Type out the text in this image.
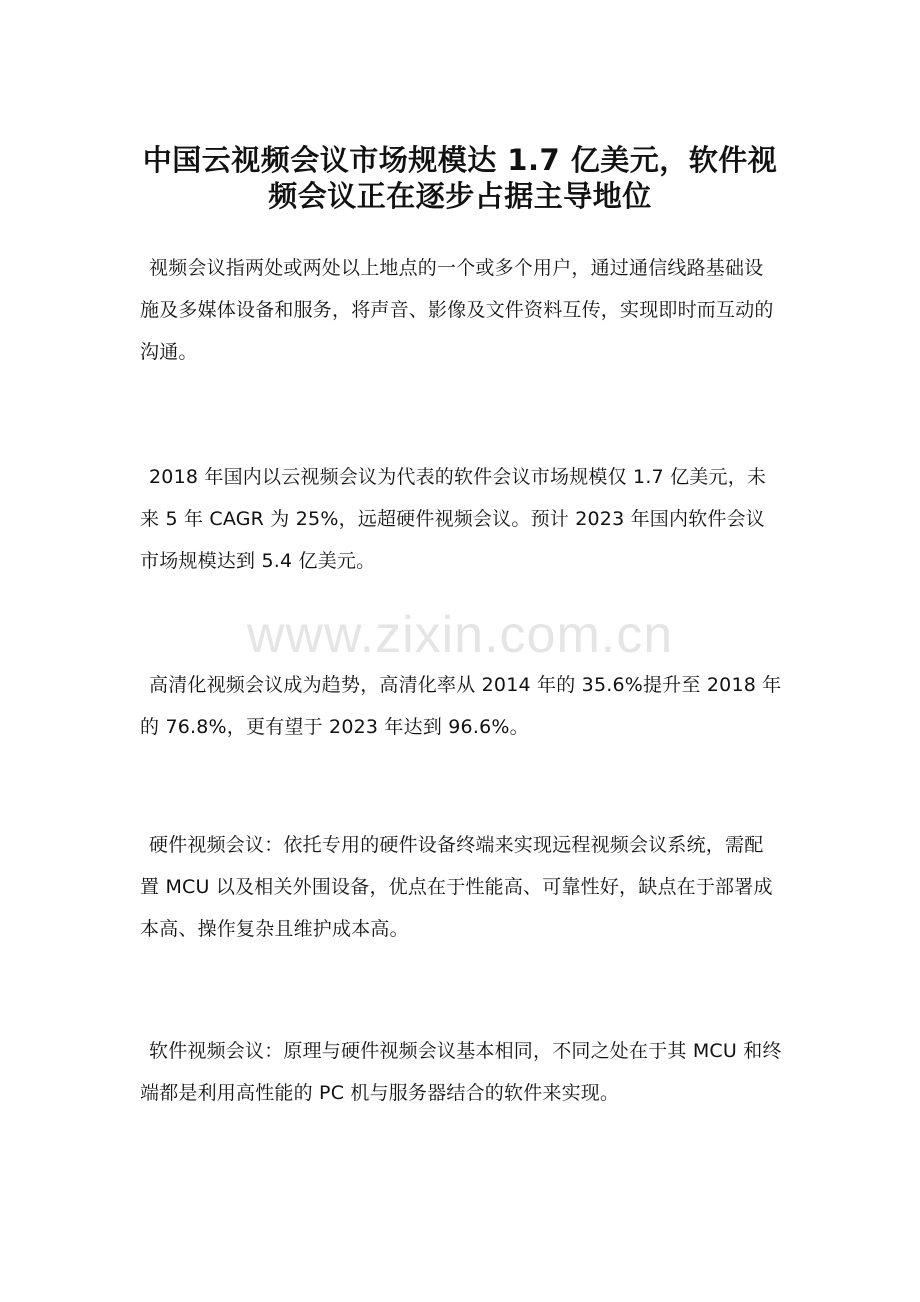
中国云视频会议市场规模达 1.7 亿美元，软件视频会议正在逐步占据主导地位
视频会议指两处或两处以上地点的一个或多个用户，通过通信线路基础设施及多媒体设备和服务，将声音、影像及文件资料互传，实现即时而互动的沟通。
2018 年国内以云视频会议为代表的软件会议市场规模仅 1.7 亿美元，未来 5 年 CAGR 为 25%，远超硬件视频会议。预计 2023 年国内软件会议市场规模达到 5.4 亿美元。
高清化视频会议成为趋势，高清化率从 2014 年的 35.6%提升至 2018 年的 76.8%，更有望于 2023 年达到 96.6%。
硬件视频会议：依托专用的硬件设备终端来实现远程视频会议系统，需配置 MCU 以及相关外围设备，优点在于性能高、可靠性好，缺点在于部署成本高、操作复杂且维护成本高。
软件视频会议：原理与硬件视频会议基本相同，不同之处在于其 MCU 和终端都是利用高性能的 PC 机与服务器结合的软件来实现。
www.zixin.com.cn
